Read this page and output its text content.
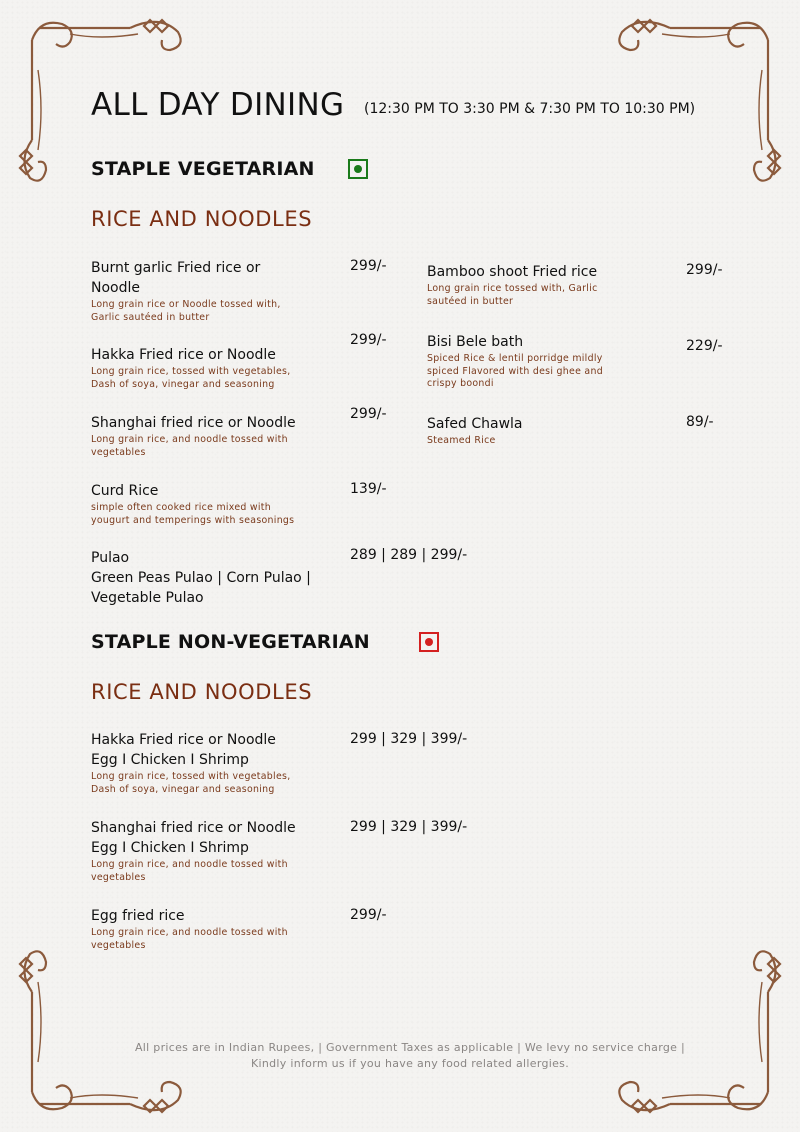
ALL DAY DINING (12:30 PM TO 3:30 PM & 7:30 PM TO 10:30 PM)
STAPLE VEGETARIAN
RICE AND NOODLES
Burnt garlic Fried rice or
Noodle
Long grain rice or Noodle tossed with,
Garlic sautéed in butter
299/-
Hakka Fried rice or Noodle
Long grain rice, tossed with vegetables,
Dash of soya, vinegar and seasoning
299/-
Shanghai fried rice or Noodle
Long grain rice, and noodle tossed with
vegetables
299/-
Curd Rice
simple often cooked rice mixed with
yougurt and temperings with seasonings
139/-
Pulao
Green Peas Pulao | Corn Pulao |
Vegetable Pulao
289 | 289 | 299/-
Bamboo shoot Fried rice
Long grain rice tossed with, Garlic
sautéed in butter
299/-
Bisi Bele bath
Spiced Rice & lentil porridge mildly
spiced Flavored with desi ghee and
crispy boondi
229/-
Safed Chawla
Steamed Rice
89/-
STAPLE NON-VEGETARIAN
RICE AND NOODLES
Hakka Fried rice or Noodle
Egg I Chicken I Shrimp
Long grain rice, tossed with vegetables,
Dash of soya, vinegar and seasoning
299 | 329 | 399/-
Shanghai fried rice or Noodle
Egg I Chicken I Shrimp
Long grain rice, and noodle tossed with
vegetables
299 | 329 | 399/-
Egg fried rice
Long grain rice, and noodle tossed with
vegetables
299/-
All prices are in Indian Rupees, | Government Taxes as applicable | We levy no service charge |
Kindly inform us if you have any food related allergies.
